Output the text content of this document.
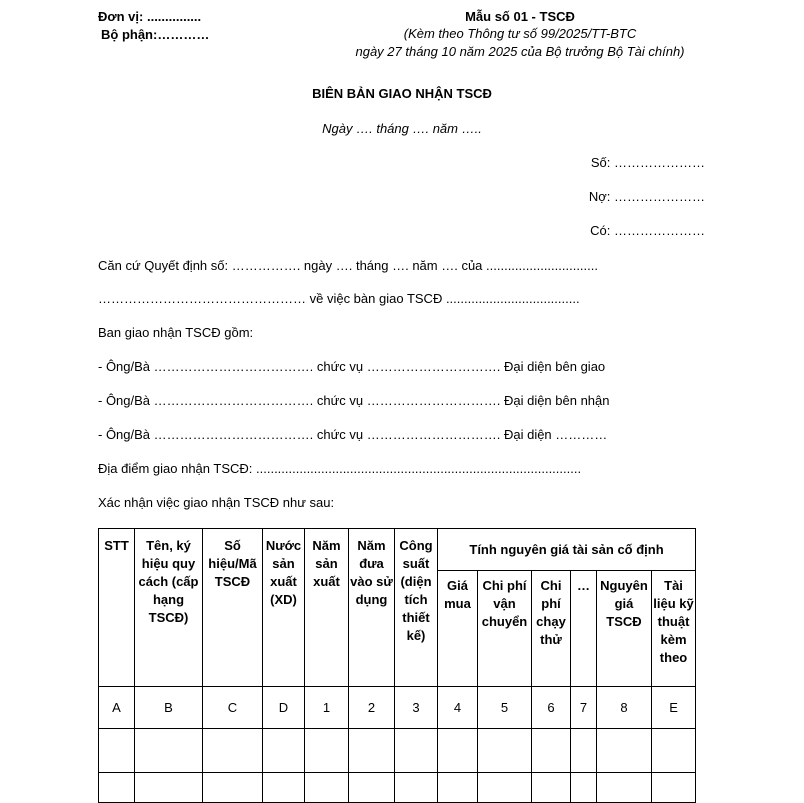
Đơn vị: ...............
Bộ phận:…………
Mẫu số 01 - TSCĐ
(Kèm theo Thông tư số 99/2025/TT-BTC
ngày 27 tháng 10 năm 2025 của Bộ trưởng Bộ Tài chính)
BIÊN BẢN GIAO NHẬN TSCĐ
Ngày …. tháng …. năm …..
Số: …………………
Nợ: …………………
Có: …………………
Căn cứ Quyết định số: ……………. ngày …. tháng …. năm …. của ...............................
………………………………………… về việc bàn giao TSCĐ .....................................
Ban giao nhận TSCĐ gồm:
- Ông/Bà ………………………………. chức vụ …………………………. Đại diện bên giao
- Ông/Bà ………………………………. chức vụ …………………………. Đại diện bên nhận
- Ông/Bà ………………………………. chức vụ …………………………. Đại diện …………
Địa điểm giao nhận TSCĐ: ..........................................................................................
Xác nhận việc giao nhận TSCĐ như sau:
STT	Tên, ký hiệu quy cách (cấp hạng TSCĐ)	Số hiệu/Mã TSCĐ	Nước sản xuất (XD)	Năm sản xuất	Năm đưa vào sử dụng	Công suất (diện tích thiết kế)	Tính nguyên giá tài sản cố định					
							Giá mua	Chi phí vận chuyển	Chi phí chạy thử	…	Nguyên giá TSCĐ	Tài liệu kỹ thuật kèm theo
A	B	C	D	1	2	3	4	5	6	7	8	E
